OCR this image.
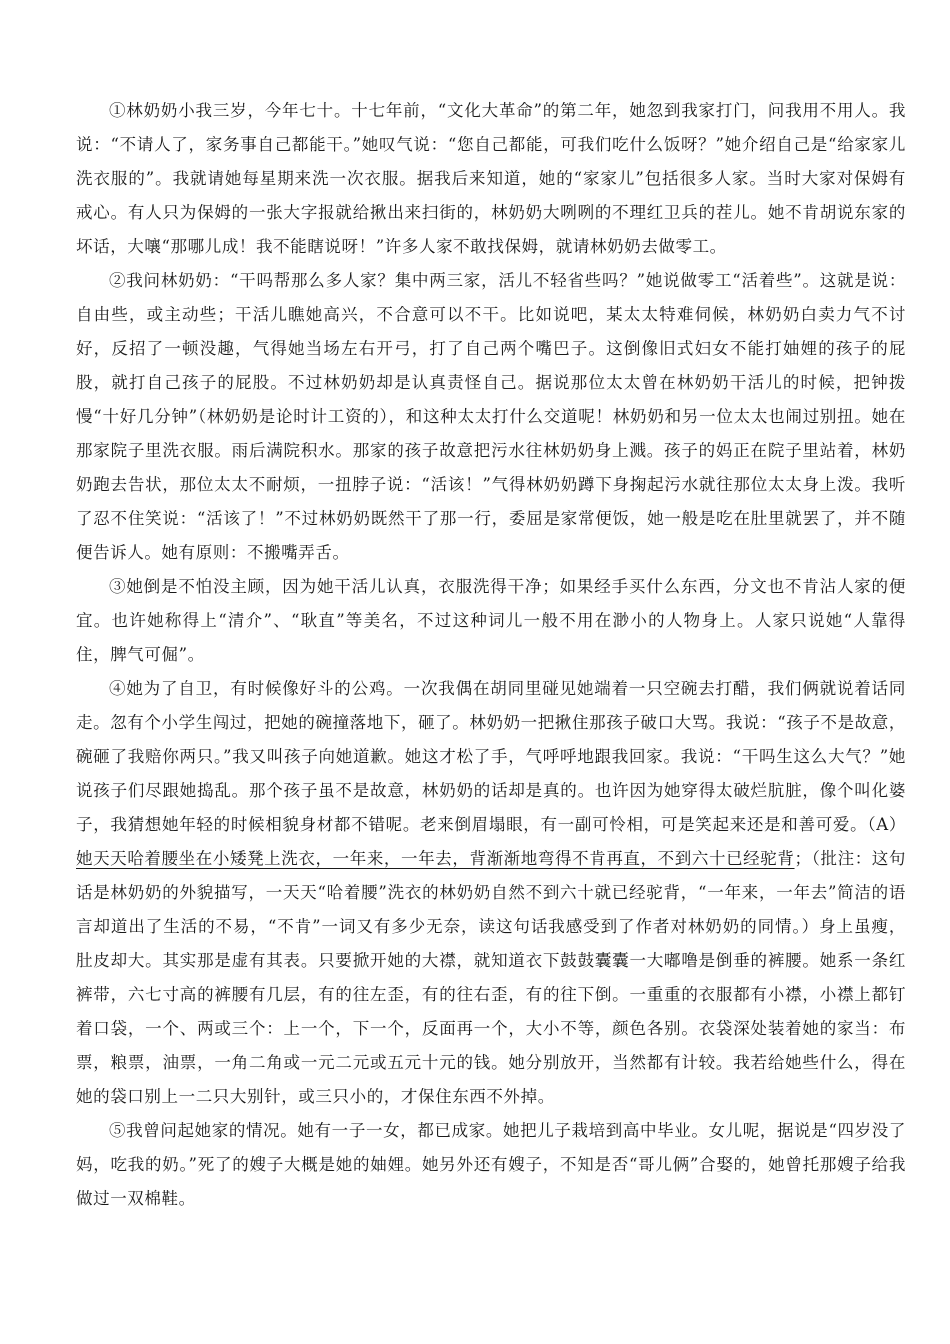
①林奶奶小我三岁，今年七十。十七年前，“文化大革命”的第二年，她忽到我家打门，问我用不用人。我说：“不请人了，家务事自己都能干。”她叹气说：“您自己都能，可我们吃什么饭呀？”她介绍自己是“给家家儿洗衣服的”。我就请她每星期来洗一次衣服。据我后来知道，她的“家家儿”包括很多人家。当时大家对保姆有戒心。有人只为保姆的一张大字报就给揪出来扫街的，林奶奶大咧咧的不理红卫兵的茬儿。她不肯胡说东家的坏话，大嚷“那哪儿成！我不能瞎说呀！”许多人家不敢找保姆，就请林奶奶去做零工。

②我问林奶奶：“干吗帮那么多人家？集中两三家，活儿不轻省些吗？”她说做零工“活着些”。这就是说：自由些，或主动些；干活儿瞧她高兴，不合意可以不干。比如说吧，某太太特难伺候，林奶奶白卖力气不讨好，反招了一顿没趣，气得她当场左右开弓，打了自己两个嘴巴子。这倒像旧式妇女不能打妯娌的孩子的屁股，就打自己孩子的屁股。不过林奶奶却是认真责怪自己。据说那位太太曾在林奶奶干活儿的时候，把钟拨慢“十好几分钟”（林奶奶是论时计工资的），和这种太太打什么交道呢！林奶奶和另一位太太也闹过别扭。她在那家院子里洗衣服。雨后满院积水。那家的孩子故意把污水往林奶奶身上溅。孩子的妈正在院子里站着，林奶奶跑去告状，那位太太不耐烦，一扭脖子说：“活该！”气得林奶奶蹲下身掬起污水就往那位太太身上泼。我听了忍不住笑说：“活该了！”不过林奶奶既然干了那一行，委屈是家常便饭，她一般是吃在肚里就罢了，并不随便告诉人。她有原则：不搬嘴弄舌。

③她倒是不怕没主顾，因为她干活儿认真，衣服洗得干净；如果经手买什么东西，分文也不肯沾人家的便宜。也许她称得上“清介”、“耿直”等美名，不过这种词儿一般不用在渺小的人物身上。人家只说她“人靠得住，脾气可倔”。

④她为了自卫，有时候像好斗的公鸡。一次我偶在胡同里碰见她端着一只空碗去打醋，我们俩就说着话同走。忽有个小学生闯过，把她的碗撞落地下，砸了。林奶奶一把揪住那孩子破口大骂。我说：“孩子不是故意，碗砸了我赔你两只。”我又叫孩子向她道歉。她这才松了手，气呼呼地跟我回家。我说：“干吗生这么大气？”她说孩子们尽跟她捣乱。那个孩子虽不是故意，林奶奶的话却是真的。也许因为她穿得太破烂肮脏，像个叫化婆子，我猜想她年轻的时候相貌身材都不错呢。老来倒眉塌眼，有一副可怜相，可是笑起来还是和善可爱。（A）她天天哈着腰坐在小矮凳上洗衣，一年来，一年去，背渐渐地弯得不肯再直，不到六十已经驼背；（批注：这句话是林奶奶的外貌描写，一天天“哈着腰”洗衣的林奶奶自然不到六十就已经驼背，“一年来，一年去”简洁的语言却道出了生活的不易，“不肯”一词又有多少无奈，读这句话我感受到了作者对林奶奶的同情。）身上虽瘦，肚皮却大。其实那是虚有其表。只要掀开她的大襟，就知道衣下鼓鼓囊囊一大嘟噜是倒垂的裤腰。她系一条红裤带，六七寸高的裤腰有几层，有的往左歪，有的往右歪，有的往下倒。一重重的衣服都有小襟，小襟上都钉着口袋，一个、两或三个：上一个，下一个，反面再一个，大小不等，颜色各别。衣袋深处装着她的家当：布票，粮票，油票，一角二角或一元二元或五元十元的钱。她分别放开，当然都有计较。我若给她些什么，得在她的袋口别上一二只大别针，或三只小的，才保住东西不外掉。

⑤我曾问起她家的情况。她有一子一女，都已成家。她把儿子栽培到高中毕业。女儿呢，据说是“四岁没了妈，吃我的奶。”死了的嫂子大概是她的妯娌。她另外还有嫂子，不知是否“哥儿俩”合娶的，她曾托那嫂子给我做过一双棉鞋。
